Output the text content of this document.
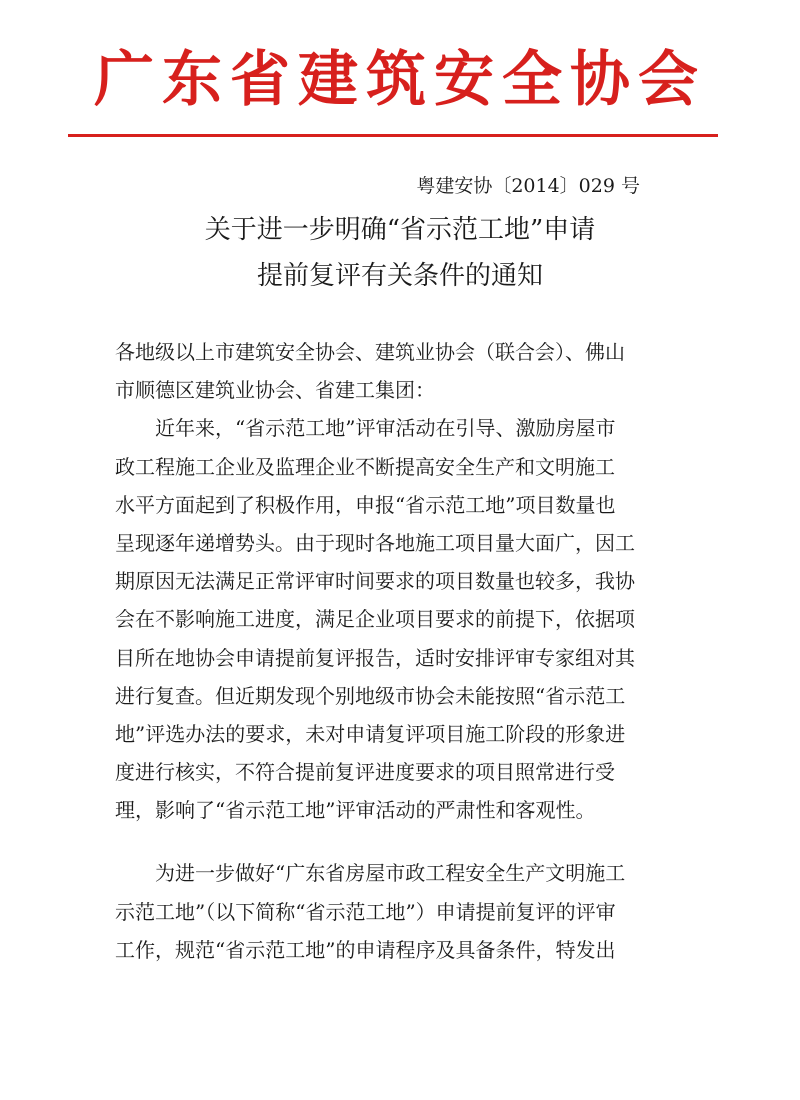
广东省建筑安全协会
粤建安协〔2014〕029 号
关于进一步明确“省示范工地”申请
提前复评有关条件的通知
各地级以上市建筑安全协会、建筑业协会（联合会）、佛山
市顺德区建筑业协会、省建工集团：
近年来，“省示范工地”评审活动在引导、激励房屋市
政工程施工企业及监理企业不断提高安全生产和文明施工
水平方面起到了积极作用，申报“省示范工地”项目数量也
呈现逐年递增势头。由于现时各地施工项目量大面广，因工
期原因无法满足正常评审时间要求的项目数量也较多，我协
会在不影响施工进度，满足企业项目要求的前提下，依据项
目所在地协会申请提前复评报告，适时安排评审专家组对其
进行复查。但近期发现个别地级市协会未能按照“省示范工
地”评选办法的要求，未对申请复评项目施工阶段的形象进
度进行核实，不符合提前复评进度要求的项目照常进行受
理，影响了“省示范工地”评审活动的严肃性和客观性。
为进一步做好“广东省房屋市政工程安全生产文明施工
示范工地”（以下简称“省示范工地”）申请提前复评的评审
工作，规范“省示范工地”的申请程序及具备条件，特发出
